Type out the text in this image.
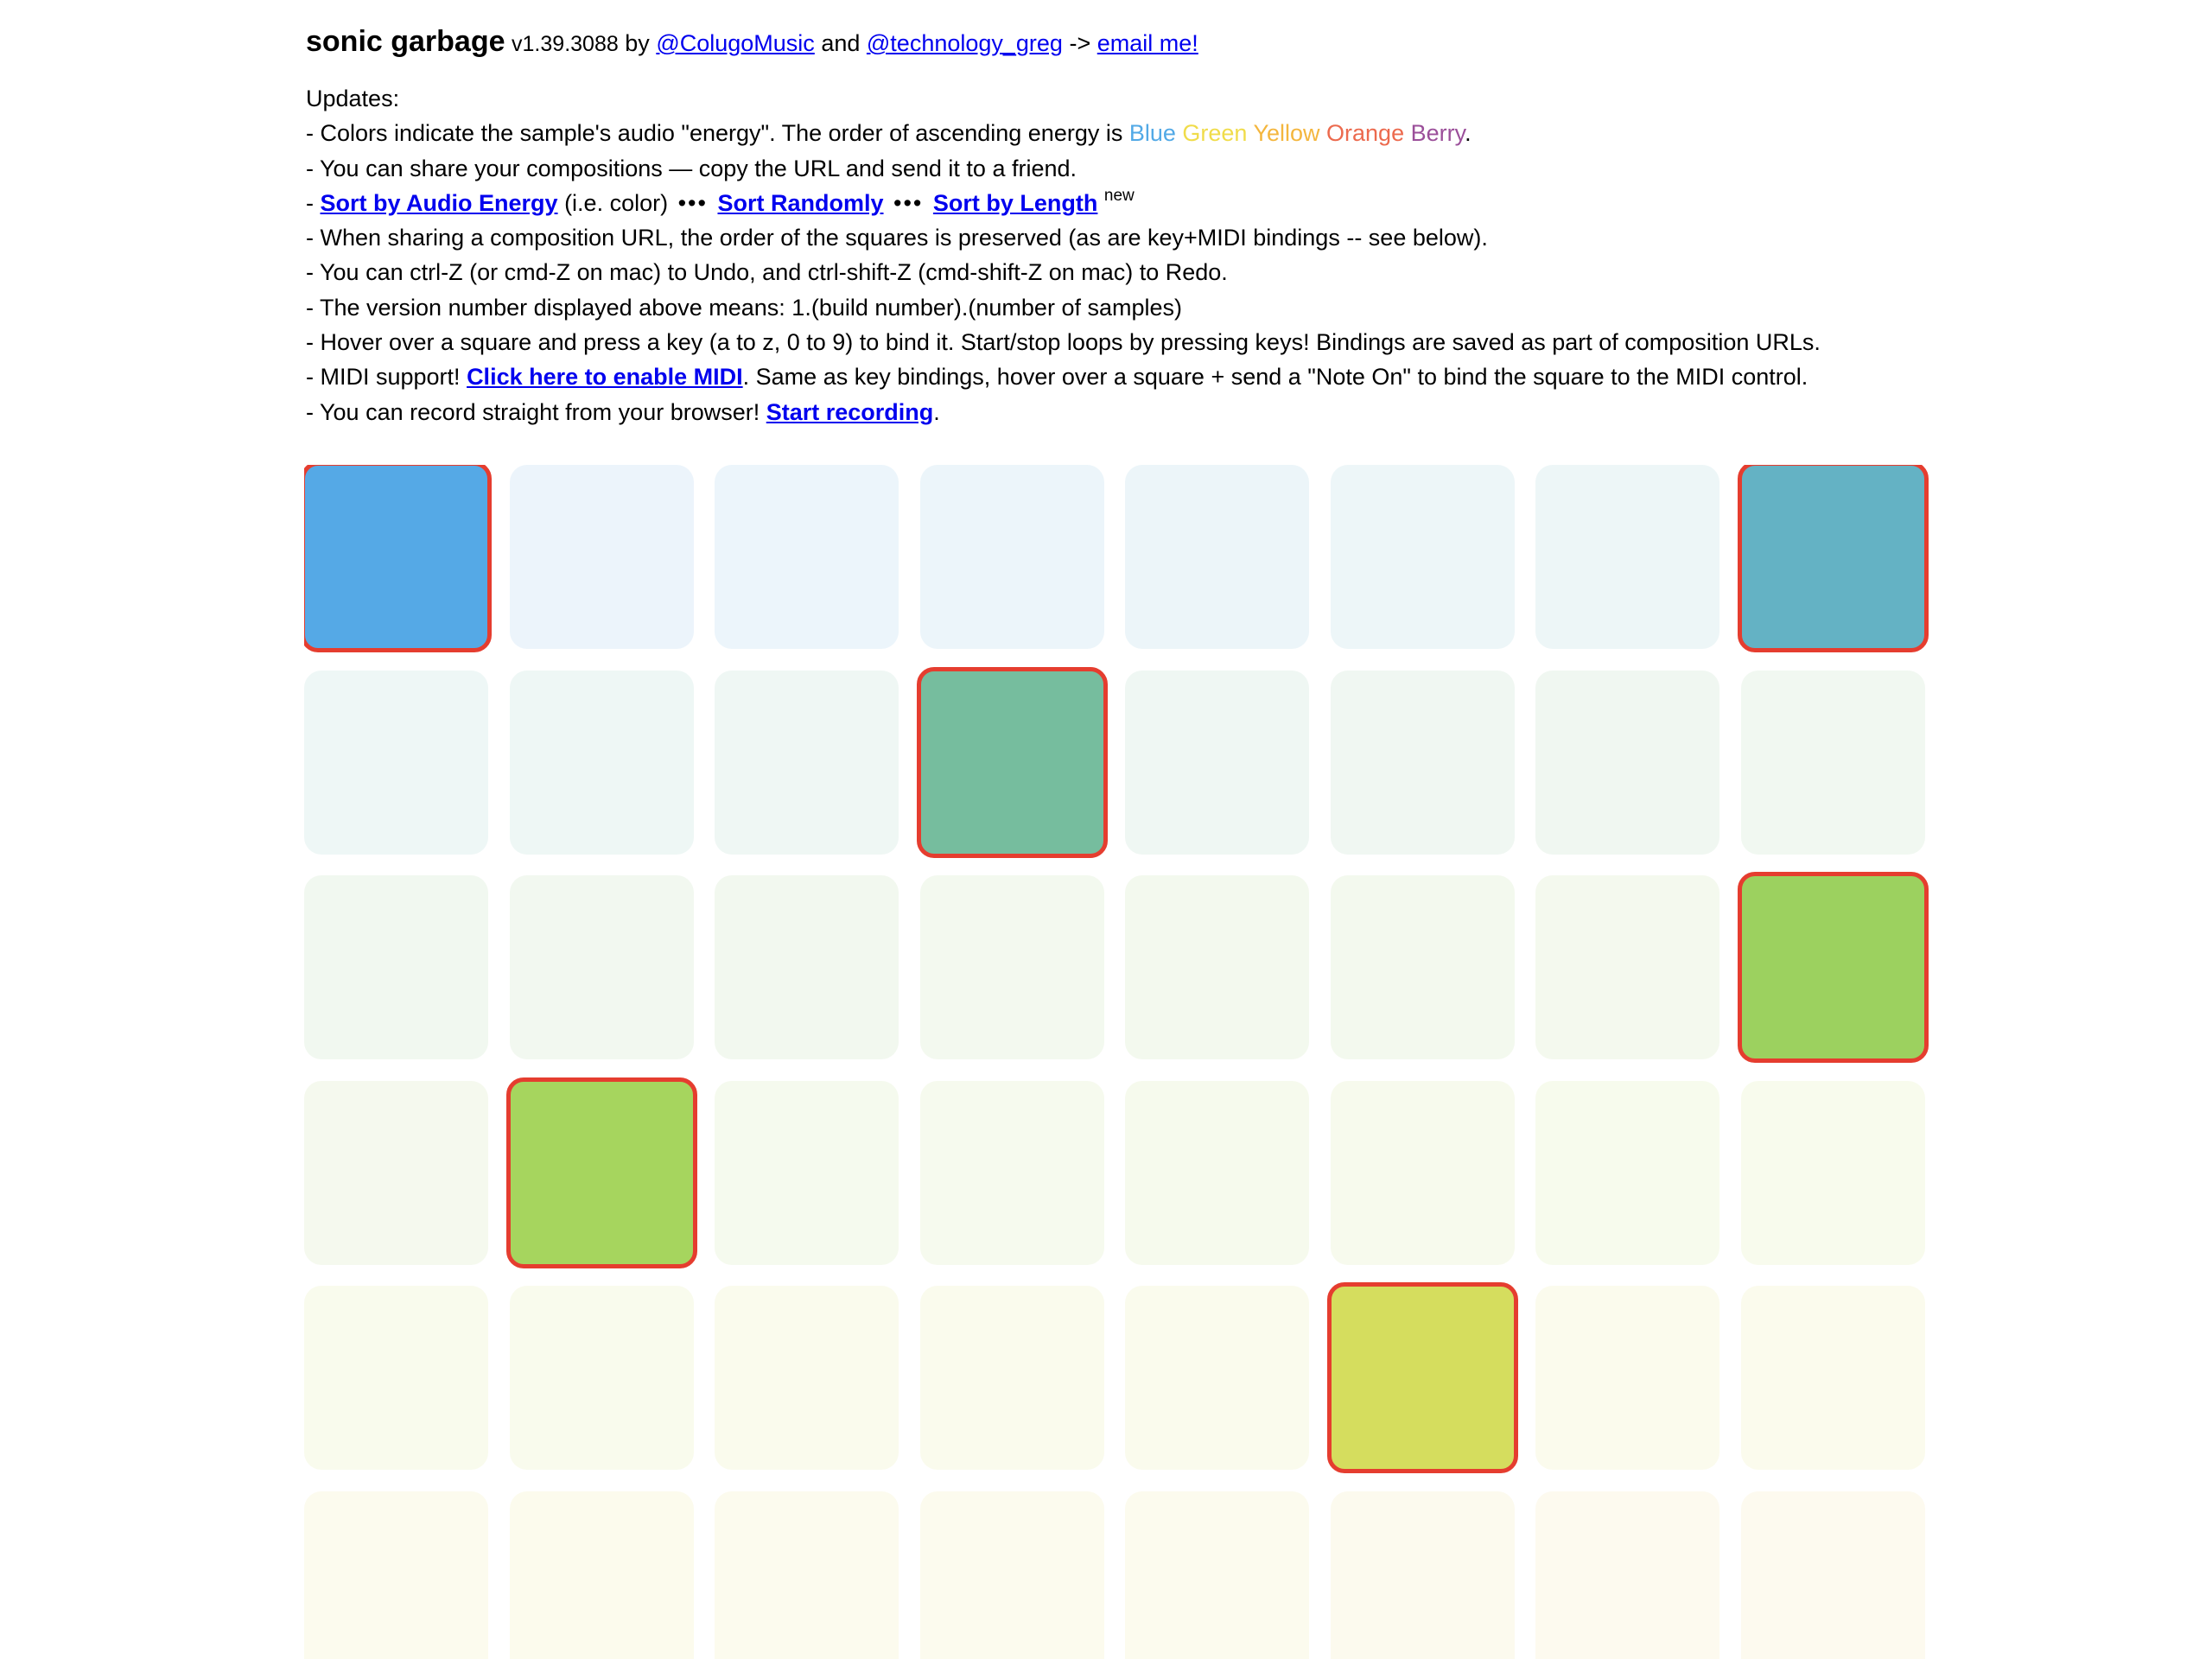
sonic garbage v1.39.3088 by @ColugoMusic and @technology_greg -> email me!
Updates:
- Colors indicate the sample's audio "energy". The order of ascending energy is Blue Green Yellow Orange Berry.
- You can share your compositions — copy the URL and send it to a friend.
- Sort by Audio Energy (i.e. color) ••• Sort Randomly ••• Sort by Length $^{new}$
- When sharing a composition URL, the order of the squares is preserved (as are key+MIDI bindings -- see below).
- You can ctrl-Z (or cmd-Z on mac) to Undo, and ctrl-shift-Z (cmd-shift-Z on mac) to Redo.
- The version number displayed above means: 1.(build number).(number of samples)
- Hover over a square and press a key (a to z, 0 to 9) to bind it. Start/stop loops by pressing keys! Bindings are saved as part of composition URLs.
- MIDI support! Click here to enable MIDI. Same as key bindings, hover over a square + send a "Note On" to bind the square to the MIDI control.
- You can record straight from your browser! Start recording.
